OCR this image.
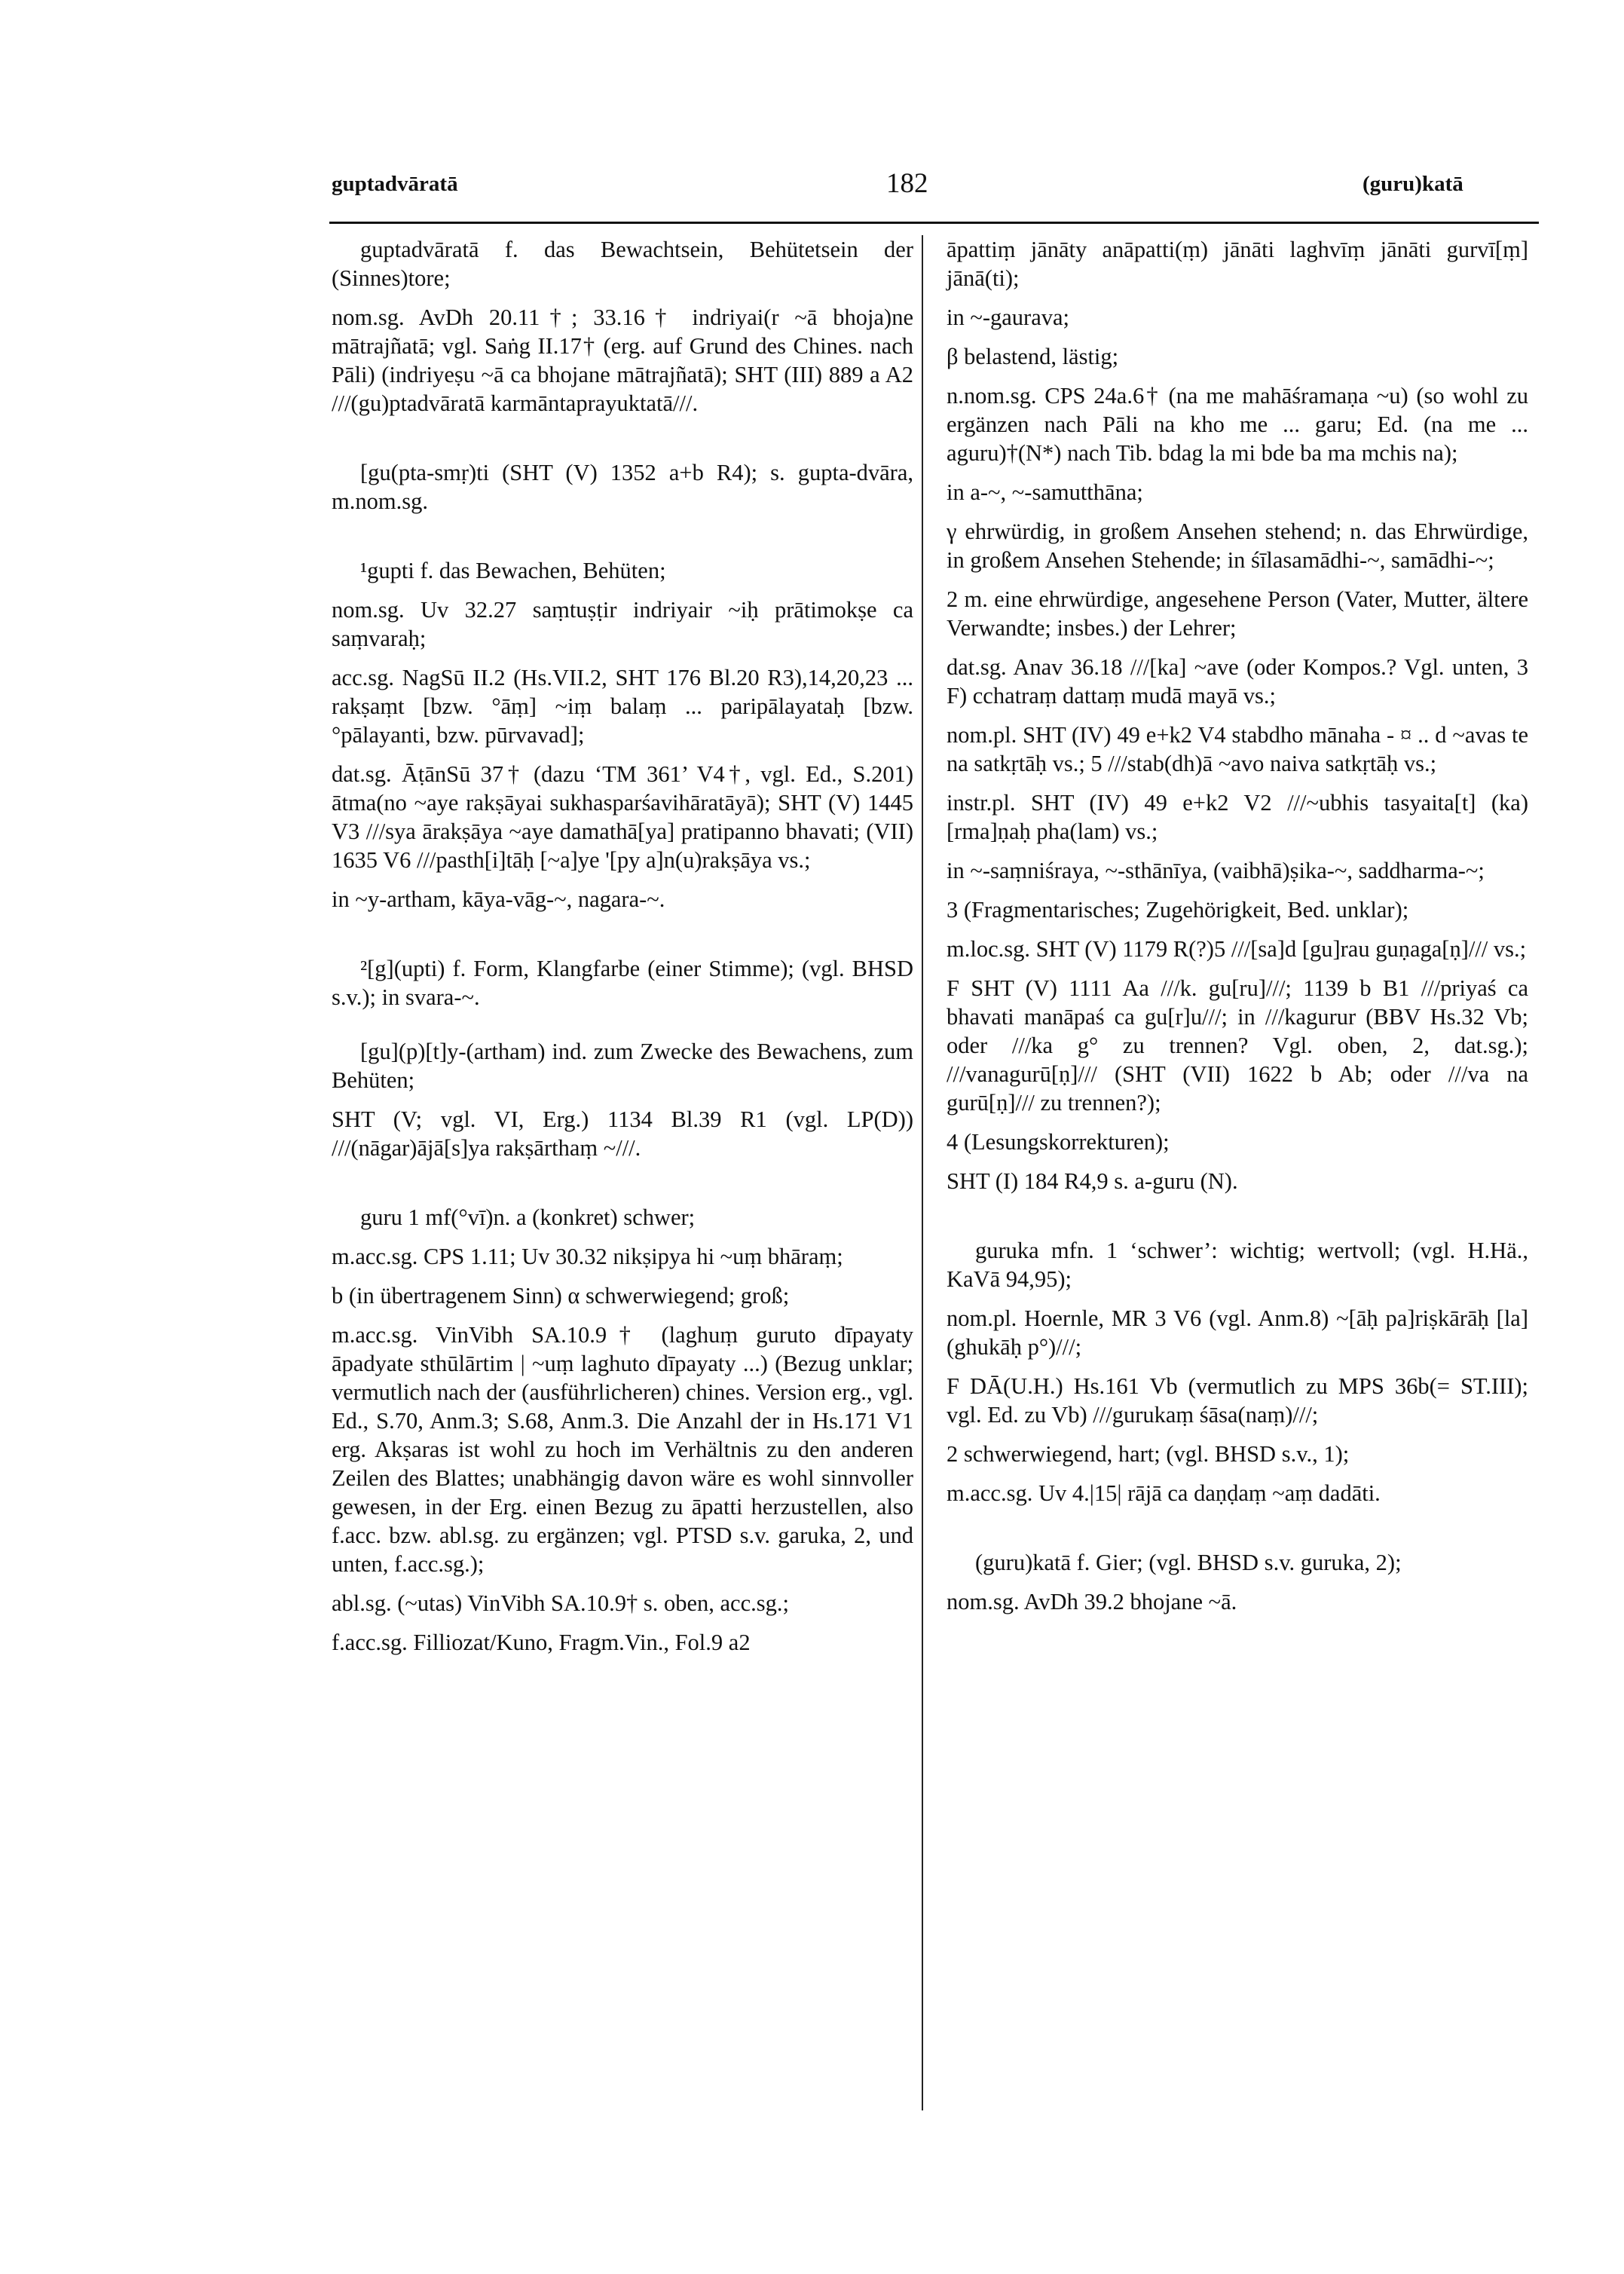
guptadvāratā	182	(guru)katā

guptadvāratā f. das Bewachtsein, Behütetsein der (Sinnes)tore;

nom.sg. AvDh 20.11†; 33.16† indriyai(r ~ā bhoja)ne mātrajñatā; vgl. Saṅg II.17† (erg. auf Grund des Chines. nach Pāli) (indriyeṣu ~ā ca bhojane mātrajñatā); SHT (III) 889 a A2 ///(gu)ptadvāratā karmāntaprayuktatā///.

[gu(pta-smṛ)ti (SHT (V) 1352 a+b R4); s. gupta-dvāra, m.nom.sg.

¹gupti f. das Bewachen, Behüten;

nom.sg. Uv 32.27 saṃtuṣṭir indriyair ~iḥ prātimokṣe ca saṃvaraḥ;

acc.sg. NagSū II.2 (Hs.VII.2, SHT 176 Bl.20 R3),14,20,23 ... rakṣaṃt [bzw. °āṃ] ~iṃ balaṃ ... paripālayataḥ [bzw. °pālayanti, bzw. pūrvavad];

dat.sg. ĀṭānSū 37† (dazu ‘TM 361’ V4†, vgl. Ed., S.201) ātma(no ~aye rakṣāyai sukhasparśavihāratāyā); SHT (V) 1445 V3 ///sya ārakṣāya ~aye damathā[ya] pratipanno bhavati; (VII) 1635 V6 ///pasth[i]tāḥ [~a]ye '[py a]n(u)rakṣāya vs.;

in ~y-artham, kāya-vāg-~, nagara-~.

²[g](upti) f. Form, Klangfarbe (einer Stimme); (vgl. BHSD s.v.); in svara-~.

[gu](p)[t]y-(artham) ind. zum Zwecke des Bewachens, zum Behüten;

SHT (V; vgl. VI, Erg.) 1134 Bl.39 R1 (vgl. LP(D)) ///(nāgar)ājā[s]ya rakṣārthaṃ ~///.

guru 1 mf(°vī)n. a (konkret) schwer;

m.acc.sg. CPS 1.11; Uv 30.32 nikṣipya hi ~uṃ bhāraṃ;

b (in übertragenem Sinn) α schwerwiegend; groß;

m.acc.sg. VinVibh SA.10.9† (laghuṃ guruto dīpayaty āpadyate sthūlārtim | ~uṃ laghuto dīpayaty ...) (Bezug unklar; vermutlich nach der (ausführlicheren) chines. Version erg., vgl. Ed., S.70, Anm.3; S.68, Anm.3. Die Anzahl der in Hs.171 V1 erg. Akṣaras ist wohl zu hoch im Verhältnis zu den anderen Zeilen des Blattes; unabhängig davon wäre es wohl sinnvoller gewesen, in der Erg. einen Bezug zu āpatti herzustellen, also f.acc. bzw. abl.sg. zu ergänzen; vgl. PTSD s.v. garuka, 2, und unten, f.acc.sg.);

abl.sg. (~utas) VinVibh SA.10.9† s. oben, acc.sg.;

f.acc.sg. Filliozat/Kuno, Fragm.Vin., Fol.9 a2

āpattiṃ jānāty anāpatti(ṃ) jānāti laghvīṃ jānāti gurvī[ṃ] jānā(ti);

in ~-gaurava;

β belastend, lästig;

n.nom.sg. CPS 24a.6† (na me mahāśramaṇa ~u) (so wohl zu ergänzen nach Pāli na kho me ... garu; Ed. (na me ... aguru)†(N*) nach Tib. bdag la mi bde ba ma mchis na);

in a-~, ~-samutthāna;

γ ehrwürdig, in großem Ansehen stehend; n. das Ehrwürdige, in großem Ansehen Stehende; in śīlasamādhi-~, samādhi-~;

2 m. eine ehrwürdige, angesehene Person (Vater, Mutter, ältere Verwandte; insbes.) der Lehrer;

dat.sg. Anav 36.18 ///[ka] ~ave (oder Kompos.? Vgl. unten, 3 F) cchatraṃ dattaṃ mudā mayā vs.;

nom.pl. SHT (IV) 49 e+k2 V4 stabdho mānaha - ¤ .. d ~avas te na satkṛtāḥ vs.; 5 ///stab(dh)ā ~avo naiva satkṛtāḥ vs.;

instr.pl. SHT (IV) 49 e+k2 V2 ///~ubhis tasyaita[t] (ka)[rma]ṇaḥ pha(lam) vs.;

in ~-saṃniśraya, ~-sthānīya, (vaibhā)ṣika-~, saddharma-~;

3 (Fragmentarisches; Zugehörigkeit, Bed. unklar);

m.loc.sg. SHT (V) 1179 R(?)5 ///[sa]d [gu]rau guṇaga[ṇ]/// vs.;

F SHT (V) 1111 Aa ///k. gu[ru]///; 1139 b B1 ///priyaś ca bhavati manāpaś ca gu[r]u///; in ///kagurur (BBV Hs.32 Vb; oder ///ka g° zu trennen? Vgl. oben, 2, dat.sg.); ///vanagurū[ṇ]/// (SHT (VII) 1622 b Ab; oder ///va na gurū[ṇ]/// zu trennen?);

4 (Lesungskorrekturen);

SHT (I) 184 R4,9 s. a-guru (N).

guruka mfn. 1 ‘schwer’: wichtig; wertvoll; (vgl. H.Hä., KaVā 94,95);

nom.pl. Hoernle, MR 3 V6 (vgl. Anm.8) ~[āḥ pa]riṣkārāḥ [la](ghukāḥ p°)///;

F DĀ(U.H.) Hs.161 Vb (vermutlich zu MPS 36b(= ST.III); vgl. Ed. zu Vb) ///gurukaṃ śāsa(naṃ)///;

2 schwerwiegend, hart; (vgl. BHSD s.v., 1);

m.acc.sg. Uv 4.|15| rājā ca daṇḍaṃ ~aṃ dadāti.

(guru)katā f. Gier; (vgl. BHSD s.v. guruka, 2);

nom.sg. AvDh 39.2 bhojane ~ā.
